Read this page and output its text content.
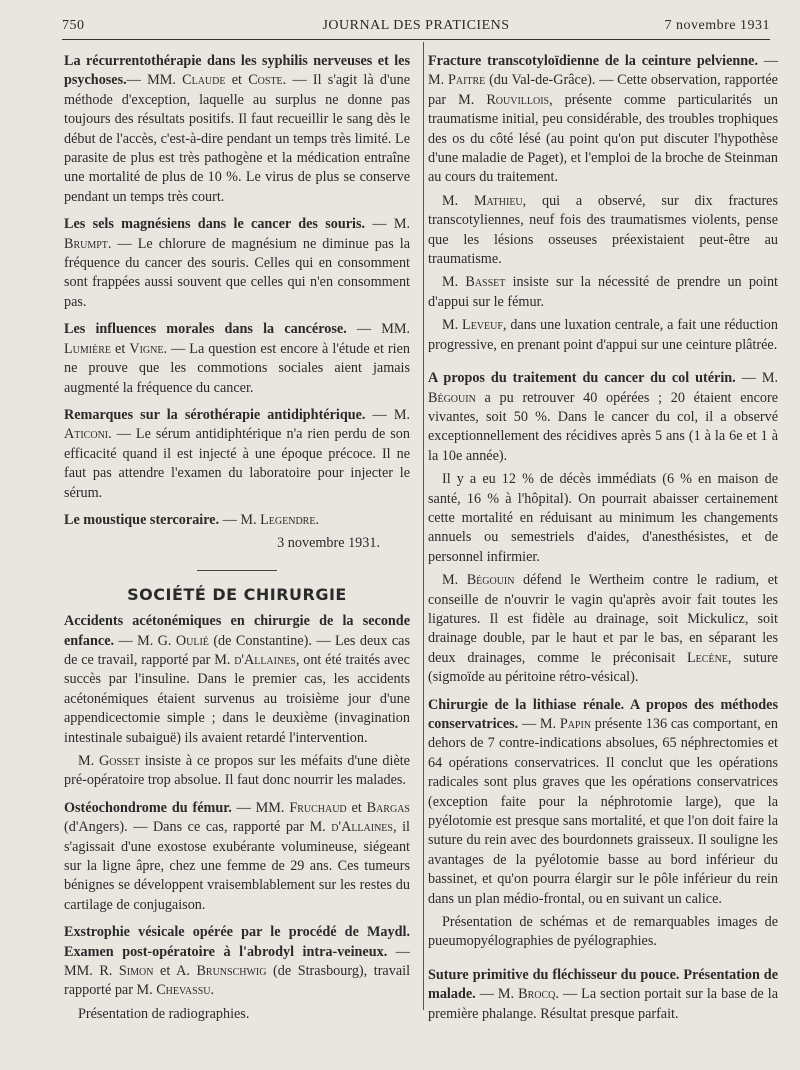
750	JOURNAL DES PRATICIENS	7 novembre 1931

La récurrentothérapie dans les syphilis nerveuses et les psychoses.— MM. Claude et Coste. — Il s'agit là d'une méthode d'exception, laquelle au surplus ne donne pas toujours des résultats positifs. Il faut recueillir le sang dès le début de l'accès, c'est-à-dire pendant un temps très limité. Le parasite de plus est très pathogène et la médication entraîne une mortalité de plus de 10 %. Le virus de plus se conserve pendant un temps très court.

Les sels magnésiens dans le cancer des souris. — M. Brumpt. — Le chlorure de magnésium ne diminue pas la fréquence du cancer des souris. Celles qui en consomment sont frappées aussi souvent que celles qui n'en consomment pas.

Les influences morales dans la cancérose. — MM. Lumière et Vigne. — La question est encore à l'étude et rien ne prouve que les commotions sociales aient jamais augmenté la fréquence du cancer.

Remarques sur la sérothérapie antidiphtérique. — M. Aticoni. — Le sérum antidiphtérique n'a rien perdu de son efficacité quand il est injecté à une époque précoce. Il ne faut pas attendre l'examen du laboratoire pour injecter le sérum.

Le moustique stercoraire. — M. Legendre.

3 novembre 1931.

SOCIÉTÉ DE CHIRURGIE

Accidents acétonémiques en chirurgie de la seconde enfance. — M. G. Oulié (de Constantine). — Les deux cas de ce travail, rapporté par M. d'Allaines, ont été traités avec succès par l'insuline. Dans le premier cas, les accidents acétonémiques étaient survenus au troisième jour d'une appendicectomie simple ; dans le deuxième (invagination intestinale subaiguë) ils avaient retardé l'intervention.

M. Gosset insiste à ce propos sur les méfaits d'une diète pré-opératoire trop absolue. Il faut donc nourrir les malades.

Ostéochondrome du fémur. — MM. Fruchaud et Bargas (d'Angers). — Dans ce cas, rapporté par M. d'Allaines, il s'agissait d'une exostose exubérante volumineuse, siégeant sur la ligne âpre, chez une femme de 29 ans. Ces tumeurs bénignes se développent vraisemblablement sur les restes du cartilage de conjugaison.

Exstrophie vésicale opérée par le procédé de Maydl. Examen post-opératoire à l'abrodyl intra-veineux. — MM. R. Simon et A. Brunschwig (de Strasbourg), travail rapporté par M. Chevassu.

Présentation de radiographies.

Fracture transcotyloïdienne de la ceinture pelvienne. — M. Paitre (du Val-de-Grâce). — Cette observation, rapportée par M. Rouvillois, présente comme particularités un traumatisme initial, peu considérable, des troubles trophiques des os du côté lésé (au point qu'on put discuter l'hypothèse d'une maladie de Paget), et l'emploi de la broche de Steinman au cours du traitement.

M. Mathieu, qui a observé, sur dix fractures transcotyliennes, neuf fois des traumatismes violents, pense que les lésions osseuses préexistaient peut-être au traumatisme.

M. Basset insiste sur la nécessité de prendre un point d'appui sur le fémur.

M. Leveuf, dans une luxation centrale, a fait une réduction progressive, en prenant point d'appui sur une ceinture plâtrée.

A propos du traitement du cancer du col utérin. — M. Bégouin a pu retrouver 40 opérées ; 20 étaient encore vivantes, soit 50 %. Dans le cancer du col, il a observé exceptionnellement des récidives après 5 ans (1 à la 6e et 1 à la 10e année).

Il y a eu 12 % de décès immédiats (6 % en maison de santé, 16 % à l'hôpital). On pourrait abaisser certainement cette mortalité en réduisant au minimum les changements annuels ou semestriels d'aides, d'anesthésistes, et de personnel infirmier.

M. Bégouin défend le Wertheim contre le radium, et conseille de n'ouvrir le vagin qu'après avoir fait toutes les ligatures. Il est fidèle au drainage, soit Mickulicz, soit drainage double, par le haut et par le bas, en séparant les deux drainages, comme le préconisait Lecène, suture (sigmoïde au péritoine rétro-vésical).

Chirurgie de la lithiase rénale. A propos des méthodes conservatrices. — M. Papin présente 136 cas comportant, en dehors de 7 contre-indications absolues, 65 néphrectomies et 64 opérations conservatrices. Il conclut que les opérations radicales sont plus graves que les opérations conservatrices (exception faite pour la néphrotomie large), que la pyélotomie est presque sans mortalité, et que l'on doit faire la suture du rein avec des bourdonnets graisseux. Il souligne les avantages de la pyélotomie basse au bord inférieur du bassinet, et qu'on pourra élargir sur le pôle inférieur du rein dans un plan médio-frontal, ou en suivant un calice.

Présentation de schémas et de remarquables images de pueumopyélographies de pyélographies.

Suture primitive du fléchisseur du pouce. Présentation de malade. — M. Brocq. — La section portait sur la base de la première phalange. Résultat presque parfait.
